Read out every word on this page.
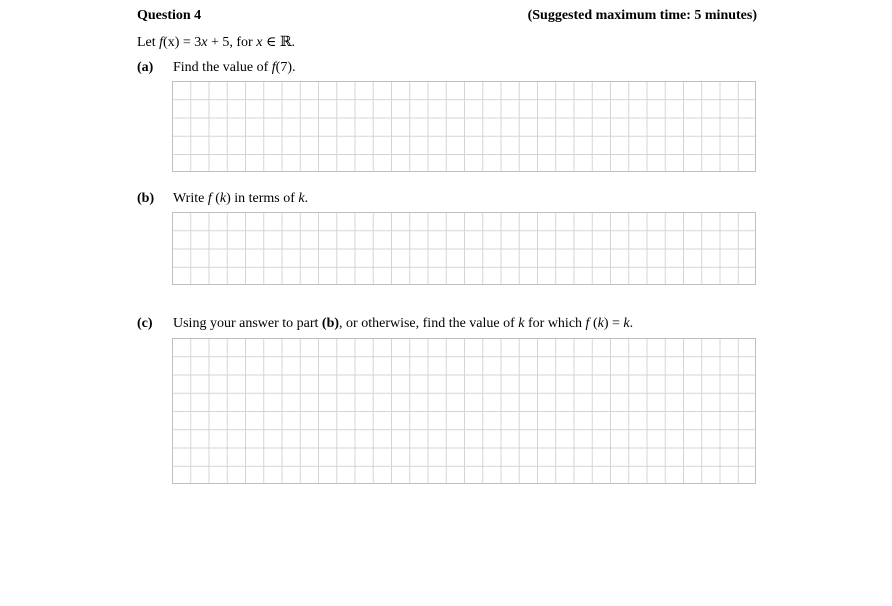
Question 4	(Suggested maximum time: 5 minutes)
Let f(x) = 3x + 5, for x ∈ ℝ.
(a) Find the value of f(7).
(b) Write f (k) in terms of k.
(c) Using your answer to part (b), or otherwise, find the value of k for which f (k) = k.
